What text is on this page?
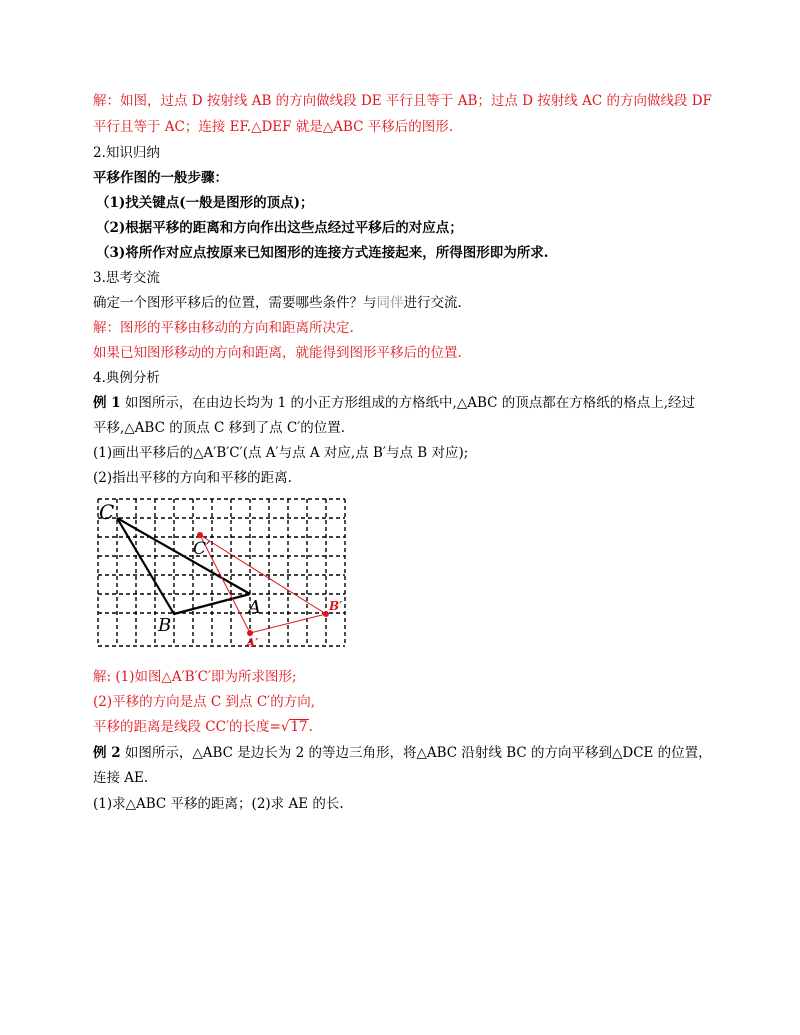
解：如图，过点 D 按射线 AB 的方向做线段 DE 平行且等于 AB；过点 D 按射线 AC 的方向做线段 DF
平行且等于 AC；连接 EF.△DEF 就是△ABC 平移后的图形.
2.知识归纳
平移作图的一般步骤：
（1)找关键点(一般是图形的顶点)；
（2)根据平移的距离和方向作出这些点经过平移后的对应点；
（3)将所作对应点按原来已知图形的连接方式连接起来，所得图形即为所求.
3.思考交流
确定一个图形平移后的位置，需要哪些条件？与同伴进行交流.
解：图形的平移由移动的方向和距离所决定.
如果已知图形移动的方向和距离，就能得到图形平移后的位置.
4.典例分析
例 1 如图所示，在由边长均为 1 的小正方形组成的方格纸中,△ABC 的顶点都在方格纸的格点上,经过
平移,△ABC 的顶点 C 移到了点 C′的位置.
(1)画出平移后的△A′B′C′(点 A′与点 A 对应,点 B′与点 B 对应);
(2)指出平移的方向和平移的距离.
C
B
A
C′
B′
A′
解: (1)如图△A′B′C′即为所求图形;
(2)平移的方向是点 C 到点 C′的方向,
平移的距离是线段 CC′的长度=√17.
例 2 如图所示，△ABC 是边长为 2 的等边三角形，将△ABC 沿射线 BC 的方向平移到△DCE 的位置，
连接 AE.
(1)求△ABC 平移的距离；(2)求 AE 的长.
